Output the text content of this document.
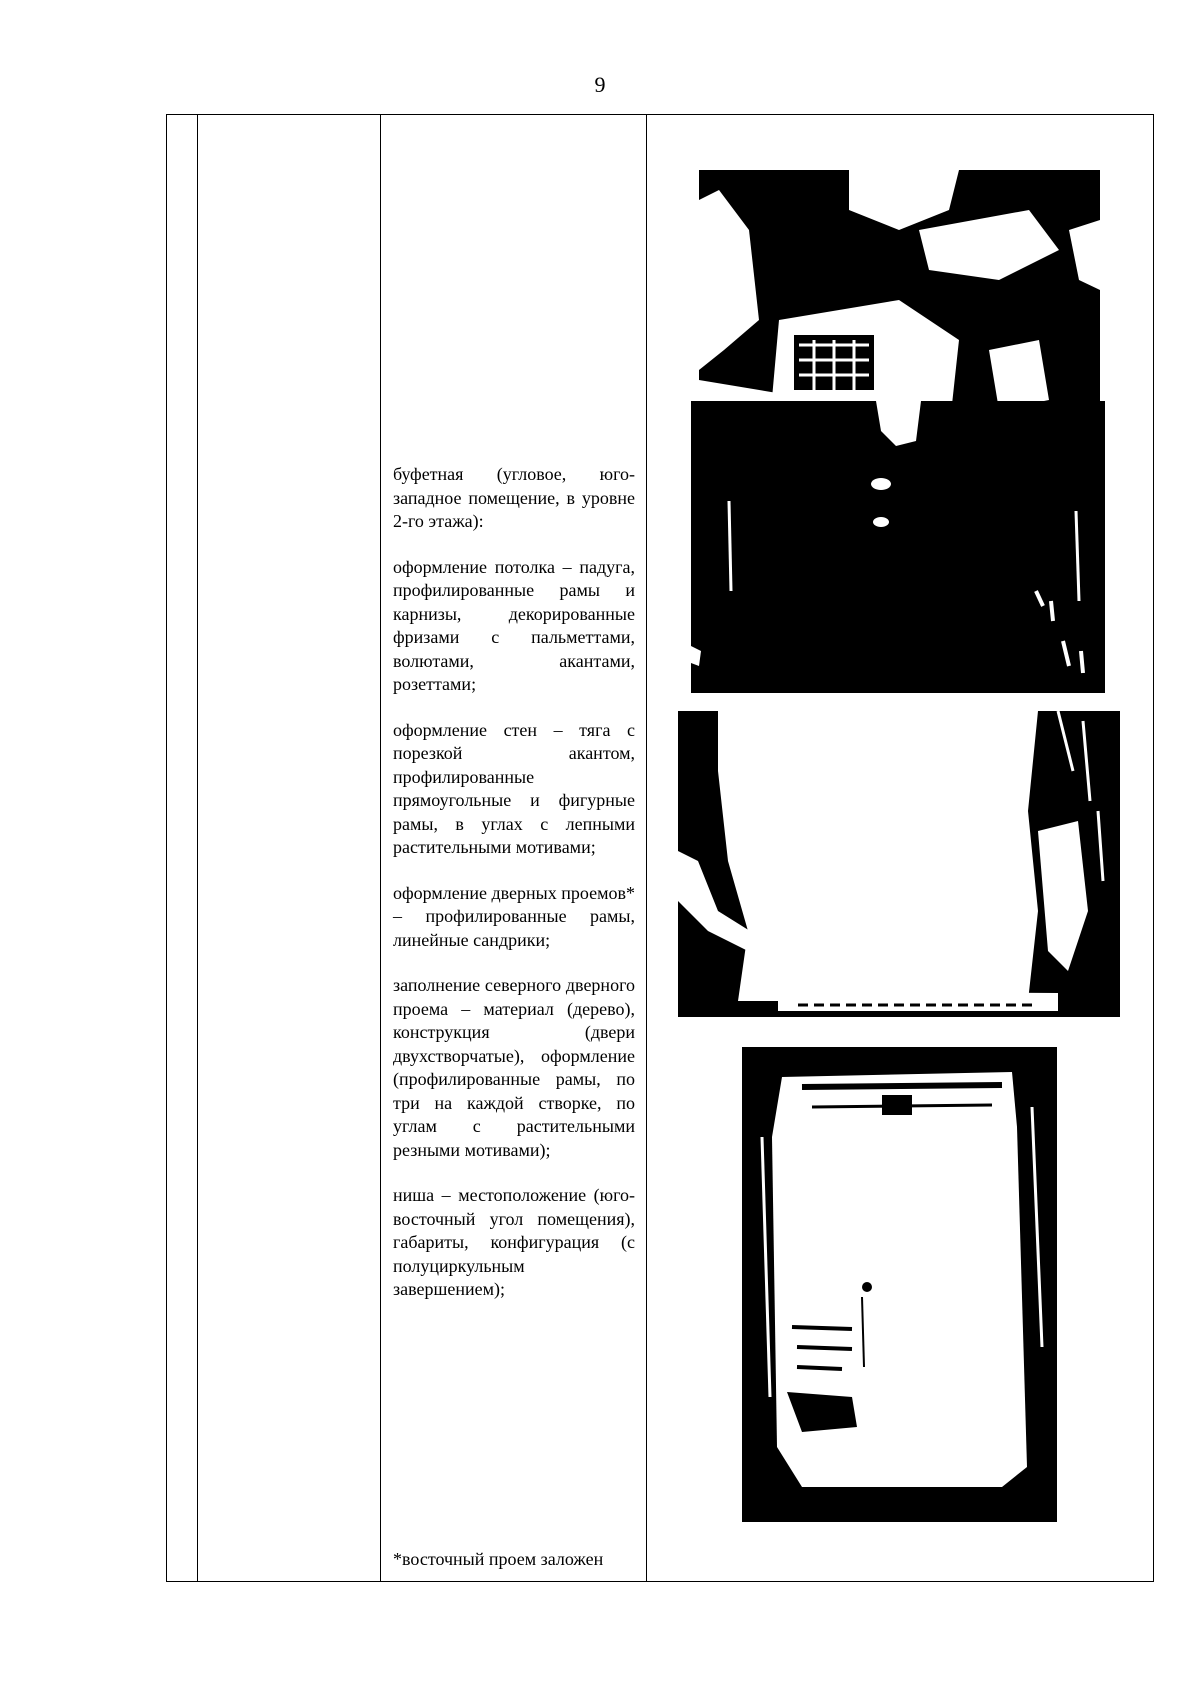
9

буфетная (угловое, юго-западное помещение, в уровне 2-го этажа):

оформление потолка – падуга, профилированные рамы и карнизы, декорированные фризами с пальметтами, волютами, акантами, розеттами;

оформление стен – тяга с порезкой акантом, профилированные прямоугольные и фигурные рамы, в углах с лепными растительными мотивами;

оформление дверных проемов* – профилированные рамы, линейные сандрики;

заполнение северного дверного проема – материал (дерево), конструкция (двери двухстворчатые), оформление (профилированные рамы, по три на каждой створке, по углам с растительными резными мотивами);

ниша – местоположение (юго-восточный угол помещения), габариты, конфигурация (с полуциркульным завершением);

*восточный проем заложен
